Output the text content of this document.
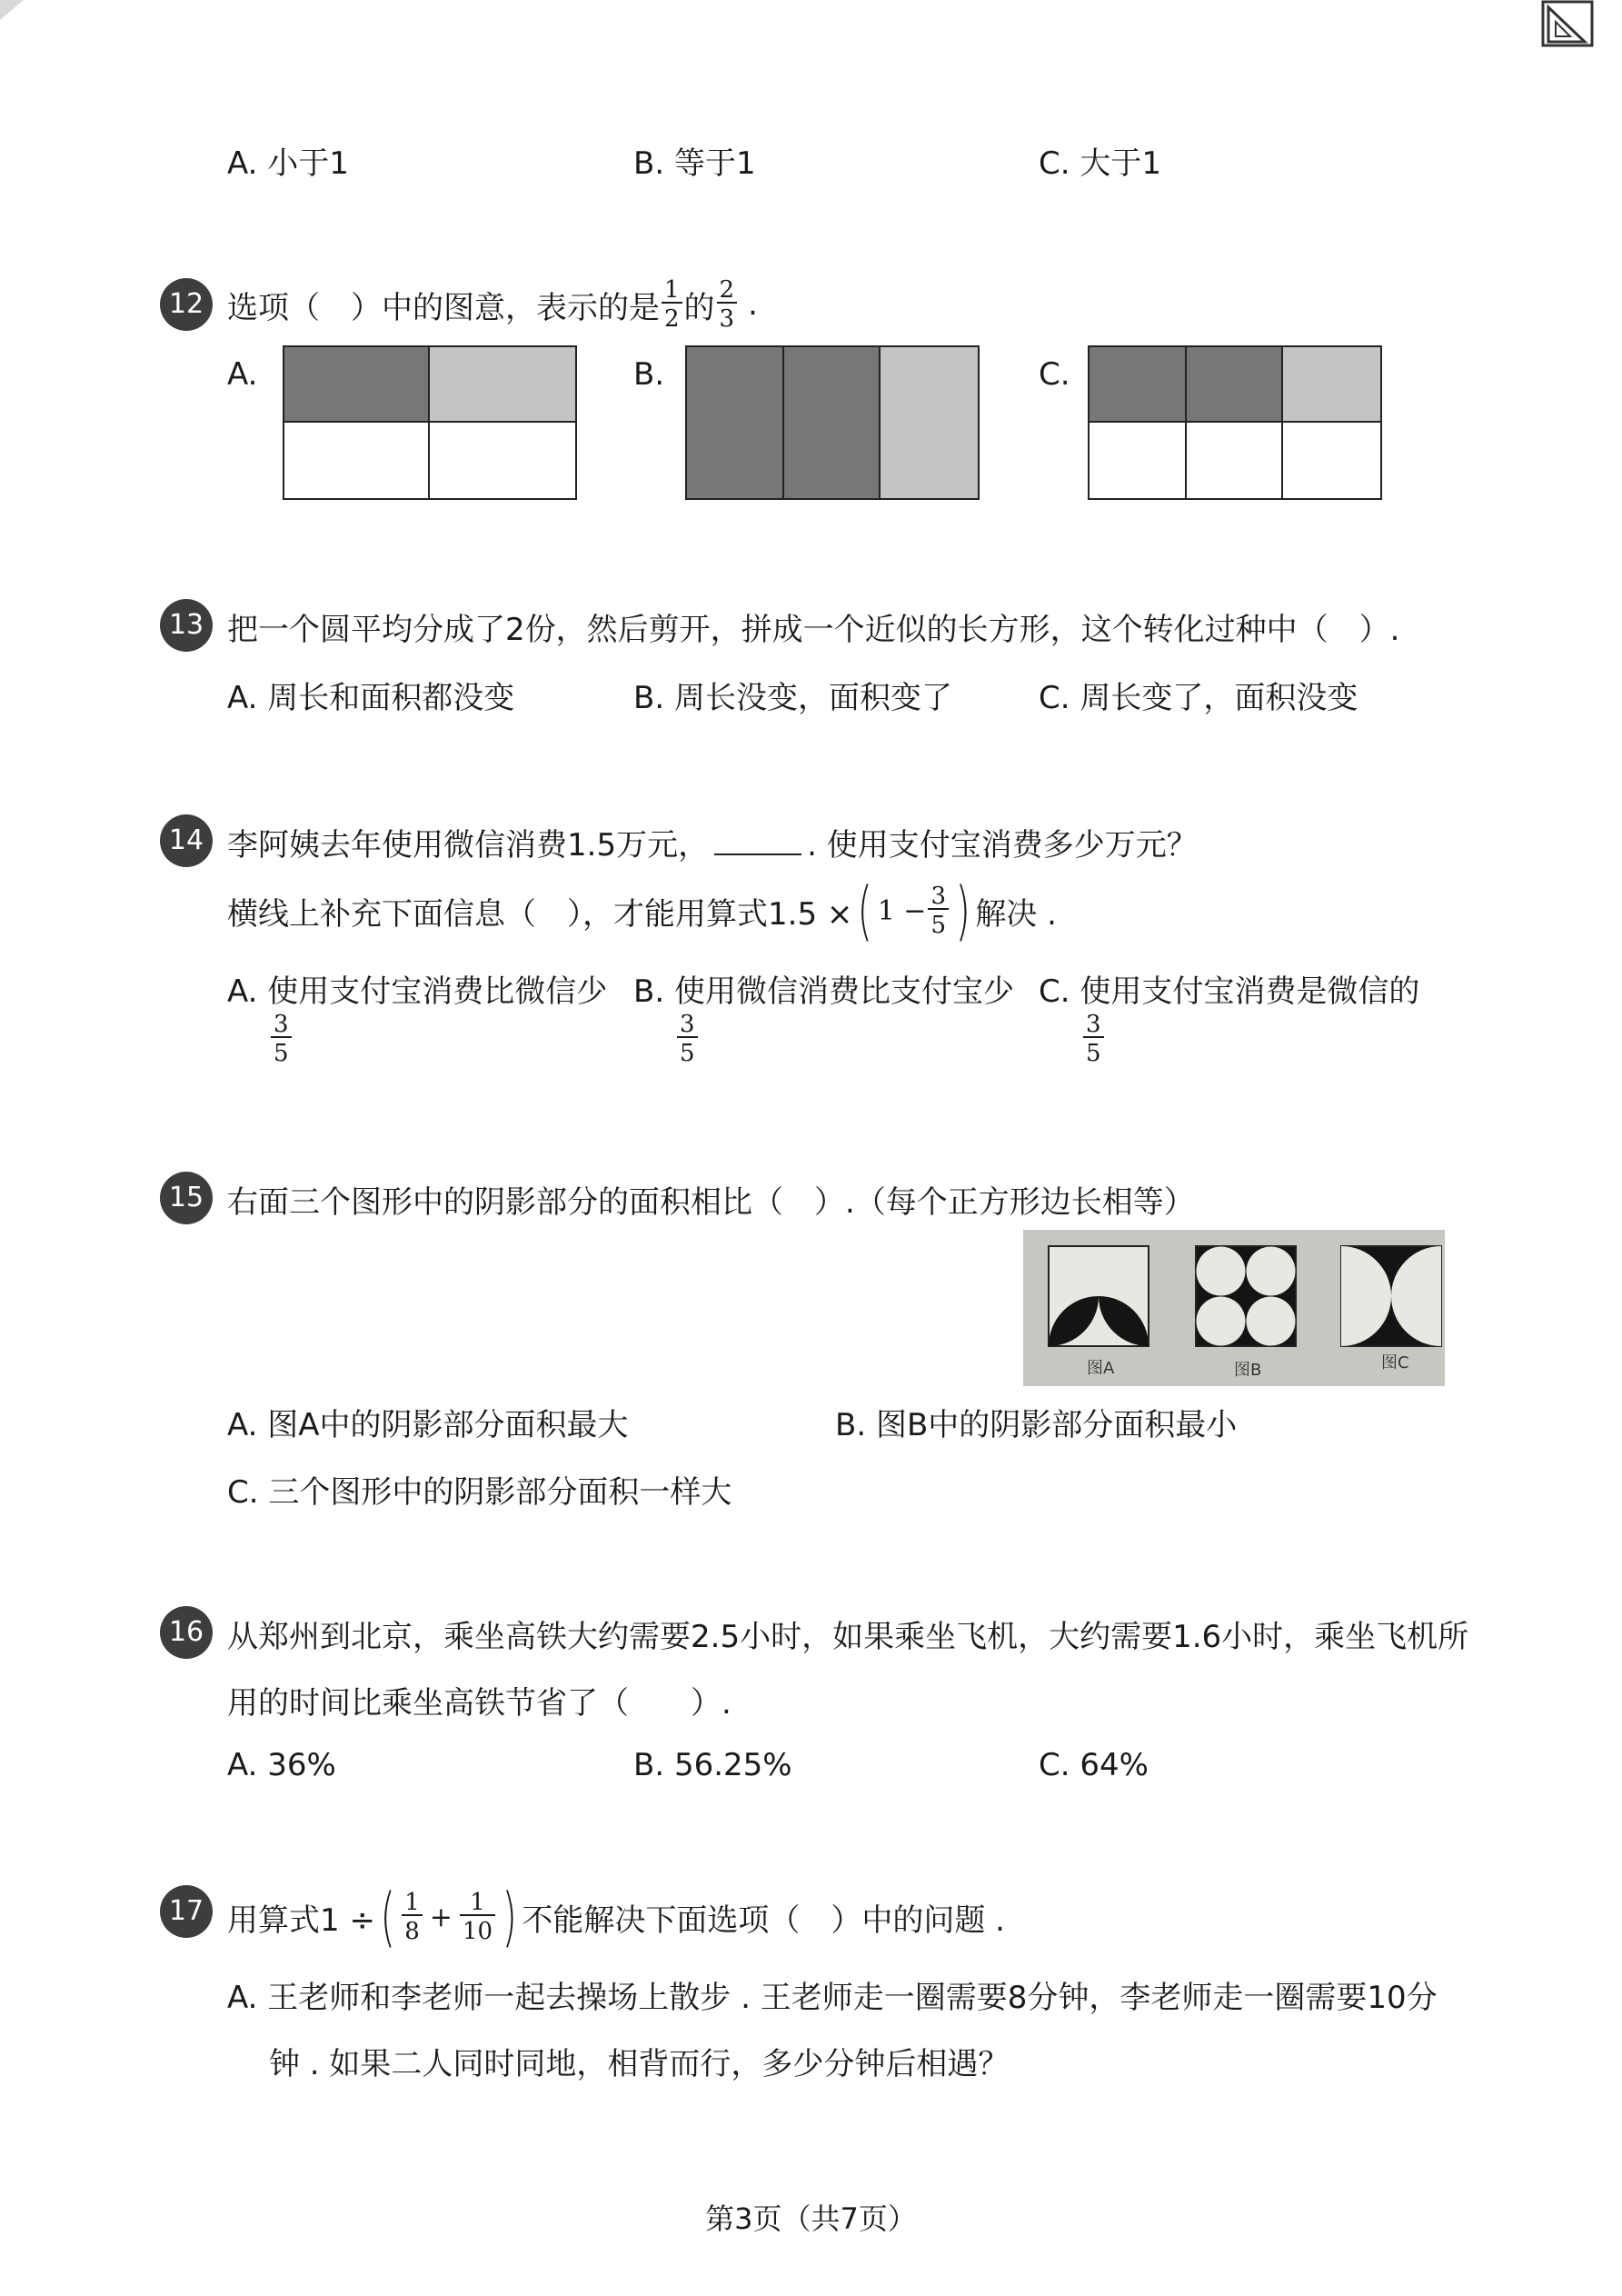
A. 小于1	B. 等于1	C. 大于1
12 选项（　）中的图意，表示的是 $\frac{1}{2}$ 的 $\frac{2}{3}$ .
A.	B.	C.
13 把一个圆平均分成了2份，然后剪开，拼成一个近似的长方形，这个转化过种中（　）.
A. 周长和面积都没变	B. 周长没变，面积变了	C. 周长变了，面积没变
14 李阿姨去年使用微信消费1.5万元，	. 使用支付宝消费多少万元？
横线上补充下面信息（　），才能用算式1.5 × ( $1 - \frac{3}{5}$ ) 解决 .
A. 使用支付宝消费比微信少 B. 使用微信消费比支付宝少 C. 使用支付宝消费是微信的
$\frac{3}{5}$	$\frac{3}{5}$	$\frac{3}{5}$
15 右面三个图形中的阴影部分的面积相比（　）.（每个正方形边长相等）
图A	图B	图C
A. 图A中的阴影部分面积最大	B. 图B中的阴影部分面积最小
C. 三个图形中的阴影部分面积一样大
16 从郑州到北京，乘坐高铁大约需要2.5小时，如果乘坐飞机，大约需要1.6小时，乘坐飞机所
用的时间比乘坐高铁节省了（　　）.
A. 36%	B. 56.25%	C. 64%
17 用算式1 ÷ ( $\frac{1}{8} + \frac{1}{10}$ ) 不能解决下面选项（　）中的问题 .
A. 王老师和李老师一起去操场上散步 . 王老师走一圈需要8分钟，李老师走一圈需要10分
钟 . 如果二人同时同地，相背而行，多少分钟后相遇？
第3页（共7页）
